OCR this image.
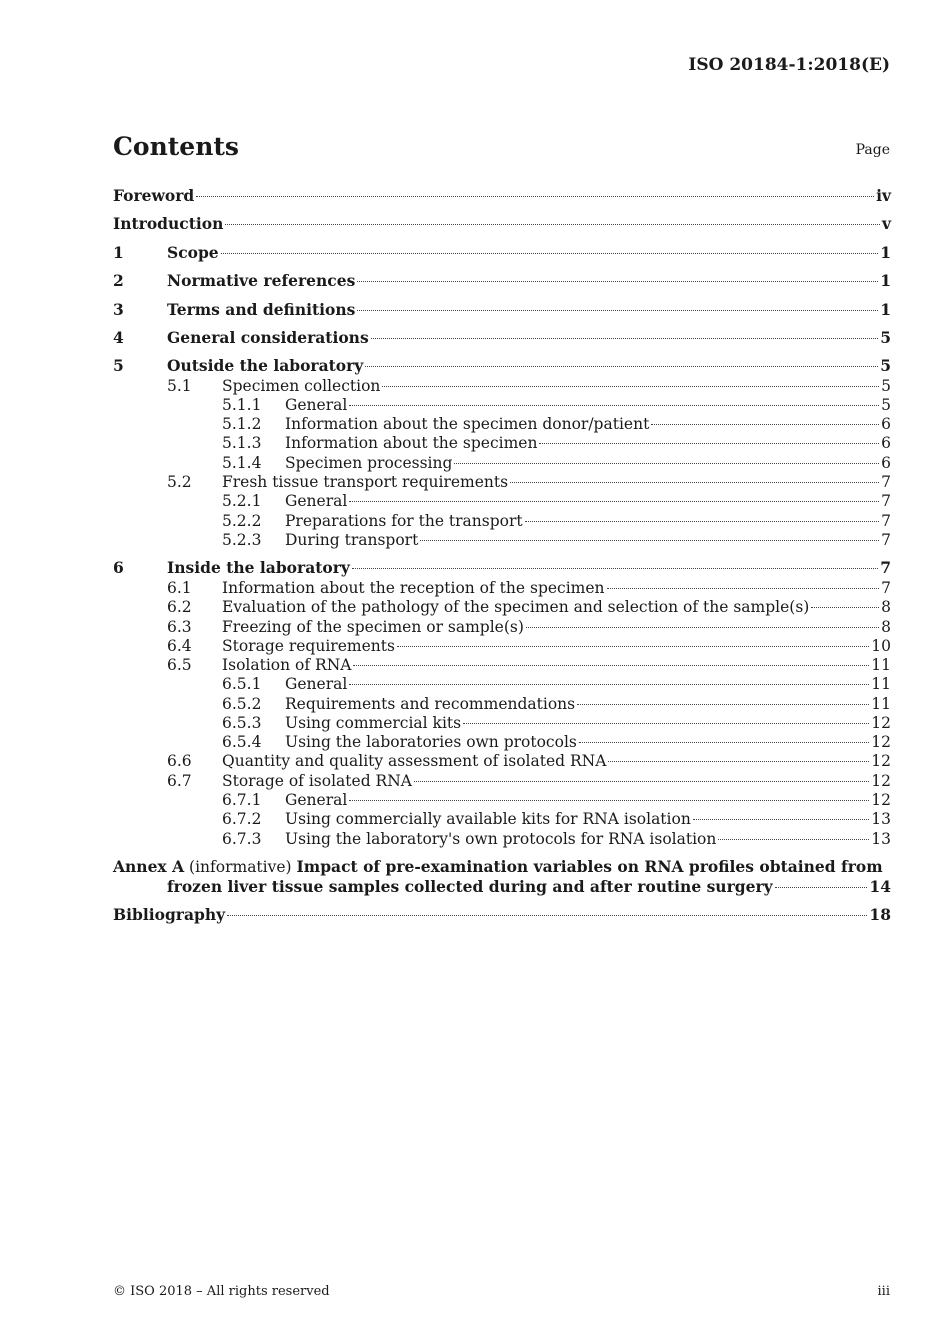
ISO 20184-1:2018(E)
Contents	Page
Foreword	iv
Introduction	v
1	Scope	1
2	Normative references	1
3	Terms and definitions	1
4	General considerations	5
5	Outside the laboratory	5
5.1 Specimen collection	5
5.1.1 General	5
5.1.2 Information about the specimen donor/patient	6
5.1.3 Information about the specimen	6
5.1.4 Specimen processing	6
5.2 Fresh tissue transport requirements	7
5.2.1 General	7
5.2.2 Preparations for the transport	7
5.2.3 During transport	7
6	Inside the laboratory	7
6.1 Information about the reception of the specimen	7
6.2 Evaluation of the pathology of the specimen and selection of the sample(s)	8
6.3 Freezing of the specimen or sample(s)	8
6.4 Storage requirements	10
6.5 Isolation of RNA	11
6.5.1 General	11
6.5.2 Requirements and recommendations	11
6.5.3 Using commercial kits	12
6.5.4 Using the laboratories own protocols	12
6.6 Quantity and quality assessment of isolated RNA	12
6.7 Storage of isolated RNA	12
6.7.1 General	12
6.7.2 Using commercially available kits for RNA isolation	13
6.7.3 Using the laboratory's own protocols for RNA isolation	13
Annex A (informative) Impact of pre-examination variables on RNA profiles obtained from
frozen liver tissue samples collected during and after routine surgery	14
Bibliography	18
© ISO 2018 – All rights reserved	iii
